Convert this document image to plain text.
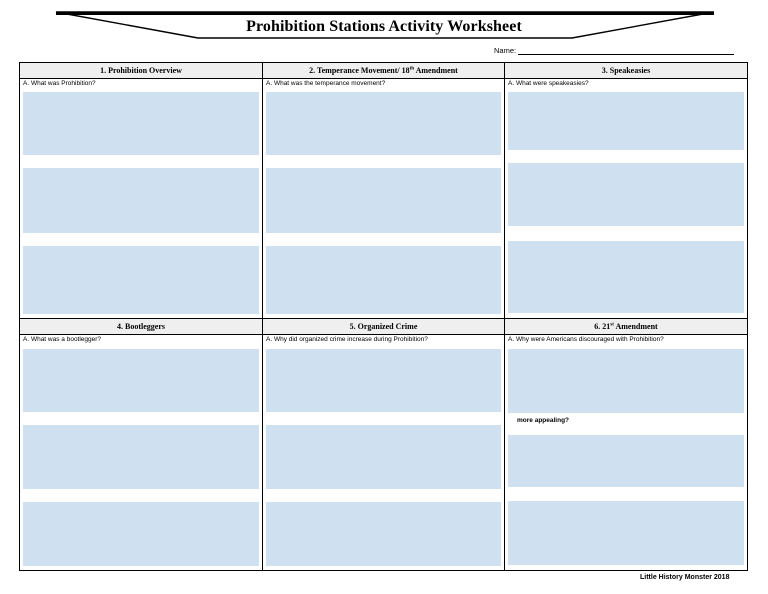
Prohibition Stations Activity Worksheet
Name:
1. Prohibition Overview
A. What was Prohibition?
2. Temperance Movement/ 18th Amendment
A. What was the temperance movement?
3. Speakeasies
A. What were speakeasies?
4. Bootleggers
A. What was a bootlegger?
5. Organized Crime
A. Why did organized crime increase during Prohibition?
6. 21st Amendment
A. Why were Americans discouraged with Prohibition?
more appealing?
Little History Monster 2018
